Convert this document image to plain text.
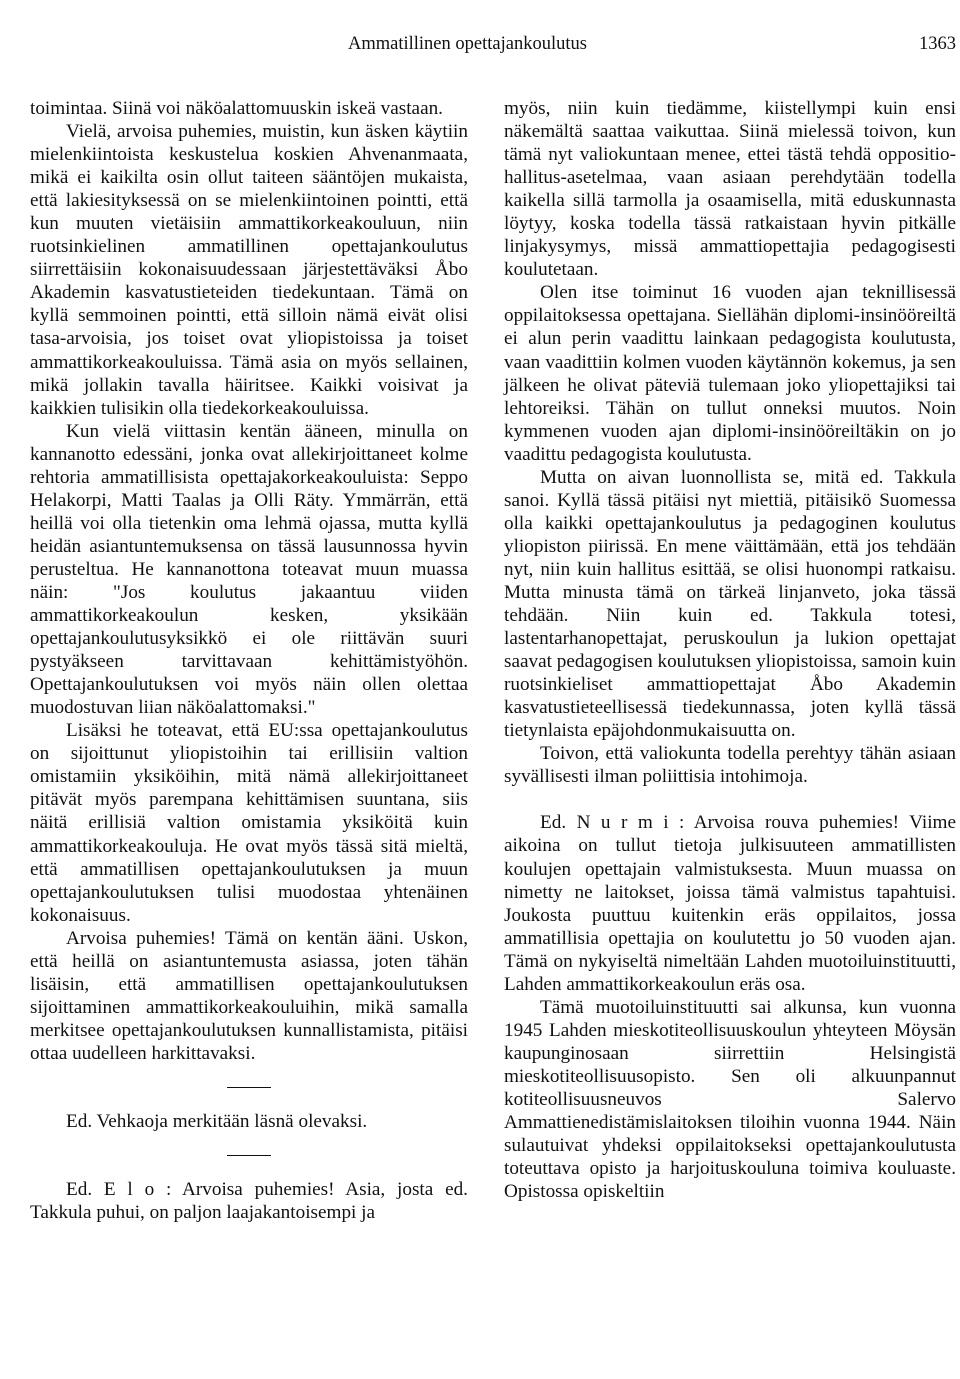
Ammatillinen opettajankoulutus	1363

toimintaa. Siinä voi näköalattomuuskin iskeä vastaan.

Vielä, arvoisa puhemies, muistin, kun äsken käytiin mielenkiintoista keskustelua koskien Ahvenanmaata, mikä ei kaikilta osin ollut taiteen sääntöjen mukaista, että lakiesityksessä on se mielenkiintoinen pointti, että kun muuten vietäisiin ammattikorkeakouluun, niin ruotsinkielinen ammatillinen opettajankoulutus siirrettäisiin kokonaisuudessaan järjestettäväksi Åbo Akademin kasvatustieteiden tiedekuntaan. Tämä on kyllä semmoinen pointti, että silloin nämä eivät olisi tasa-arvoisia, jos toiset ovat yliopistoissa ja toiset ammattikorkeakouluissa. Tämä asia on myös sellainen, mikä jollakin tavalla häiritsee. Kaikki voisivat ja kaikkien tulisikin olla tiedekorkeakouluissa.

Kun vielä viittasin kentän ääneen, minulla on kannanotto edessäni, jonka ovat allekirjoittaneet kolme rehtoria ammatillisista opettajakorkeakouluista: Seppo Helakorpi, Matti Taalas ja Olli Räty. Ymmärrän, että heillä voi olla tietenkin oma lehmä ojassa, mutta kyllä heidän asiantuntemuksensa on tässä lausunnossa hyvin perusteltua. He kannanottona toteavat muun muassa näin: "Jos koulutus jakaantuu viiden ammattikorkeakoulun kesken, yksikään opettajankoulutusyksikkö ei ole riittävän suuri pystyäkseen tarvittavaan kehittämistyöhön. Opettajankoulutuksen voi myös näin ollen olettaa muodostuvan liian näköalattomaksi."

Lisäksi he toteavat, että EU:ssa opettajankoulutus on sijoittunut yliopistoihin tai erillisiin valtion omistamiin yksiköihin, mitä nämä allekirjoittaneet pitävät myös parempana kehittämisen suuntana, siis näitä erillisiä valtion omistamia yksiköitä kuin ammattikorkeakouluja. He ovat myös tässä sitä mieltä, että ammatillisen opettajankoulutuksen ja muun opettajankoulutuksen tulisi muodostaa yhtenäinen kokonaisuus.

Arvoisa puhemies! Tämä on kentän ääni. Uskon, että heillä on asiantuntemusta asiassa, joten tähän lisäisin, että ammatillisen opettajankoulutuksen sijoittaminen ammattikorkeakouluihin, mikä samalla merkitsee opettajankoulutuksen kunnallistamista, pitäisi ottaa uudelleen harkittavaksi.

Ed. Vehkaoja merkitään läsnä olevaksi.

Ed. E l o : Arvoisa puhemies! Asia, josta ed. Takkula puhui, on paljon laajakantoisempi ja

myös, niin kuin tiedämme, kiistellympi kuin ensi näkemältä saattaa vaikuttaa. Siinä mielessä toivon, kun tämä nyt valiokuntaan menee, ettei tästä tehdä oppositio-hallitus-asetelmaa, vaan asiaan perehdytään todella kaikella sillä tarmolla ja osaamisella, mitä eduskunnasta löytyy, koska todella tässä ratkaistaan hyvin pitkälle linjakysymys, missä ammattiopettajia pedagogisesti koulutetaan.

Olen itse toiminut 16 vuoden ajan teknillisessä oppilaitoksessa opettajana. Siellähän diplomi-insinööreiltä ei alun perin vaadittu lainkaan pedagogista koulutusta, vaan vaadittiin kolmen vuoden käytännön kokemus, ja sen jälkeen he olivat päteviä tulemaan joko yliopettajiksi tai lehtoreiksi. Tähän on tullut onneksi muutos. Noin kymmenen vuoden ajan diplomi-insinööreiltäkin on jo vaadittu pedagogista koulutusta.

Mutta on aivan luonnollista se, mitä ed. Takkula sanoi. Kyllä tässä pitäisi nyt miettiä, pitäisikö Suomessa olla kaikki opettajankoulutus ja pedagoginen koulutus yliopiston piirissä. En mene väittämään, että jos tehdään nyt, niin kuin hallitus esittää, se olisi huonompi ratkaisu. Mutta minusta tämä on tärkeä linjanveto, joka tässä tehdään. Niin kuin ed. Takkula totesi, lastentarhanopettajat, peruskoulun ja lukion opettajat saavat pedagogisen koulutuksen yliopistoissa, samoin kuin ruotsinkieliset ammattiopettajat Åbo Akademin kasvatustieteellisessä tiedekunnassa, joten kyllä tässä tietynlaista epäjohdonmukaisuutta on.

Toivon, että valiokunta todella perehtyy tähän asiaan syvällisesti ilman poliittisia intohimoja.

Ed. N u r m i : Arvoisa rouva puhemies! Viime aikoina on tullut tietoja julkisuuteen ammatillisten koulujen opettajain valmistuksesta. Muun muassa on nimetty ne laitokset, joissa tämä valmistus tapahtuisi. Joukosta puuttuu kuitenkin eräs oppilaitos, jossa ammatillisia opettajia on koulutettu jo 50 vuoden ajan. Tämä on nykyiseltä nimeltään Lahden muotoiluinstituutti, Lahden ammattikorkeakoulun eräs osa.

Tämä muotoiluinstituutti sai alkunsa, kun vuonna 1945 Lahden mieskotiteollisuuskoulun yhteyteen Möysän kaupunginosaan siirrettiin Helsingistä mieskotiteollisuusopisto. Sen oli alkuunpannut kotiteollisuusneuvos Salervo Ammattienedistämislaitoksen tiloihin vuonna 1944. Näin sulautuivat yhdeksi oppilaitokseksi opettajankoulutusta toteuttava opisto ja harjoituskouluna toimiva kouluaste. Opistossa opiskeltiin
